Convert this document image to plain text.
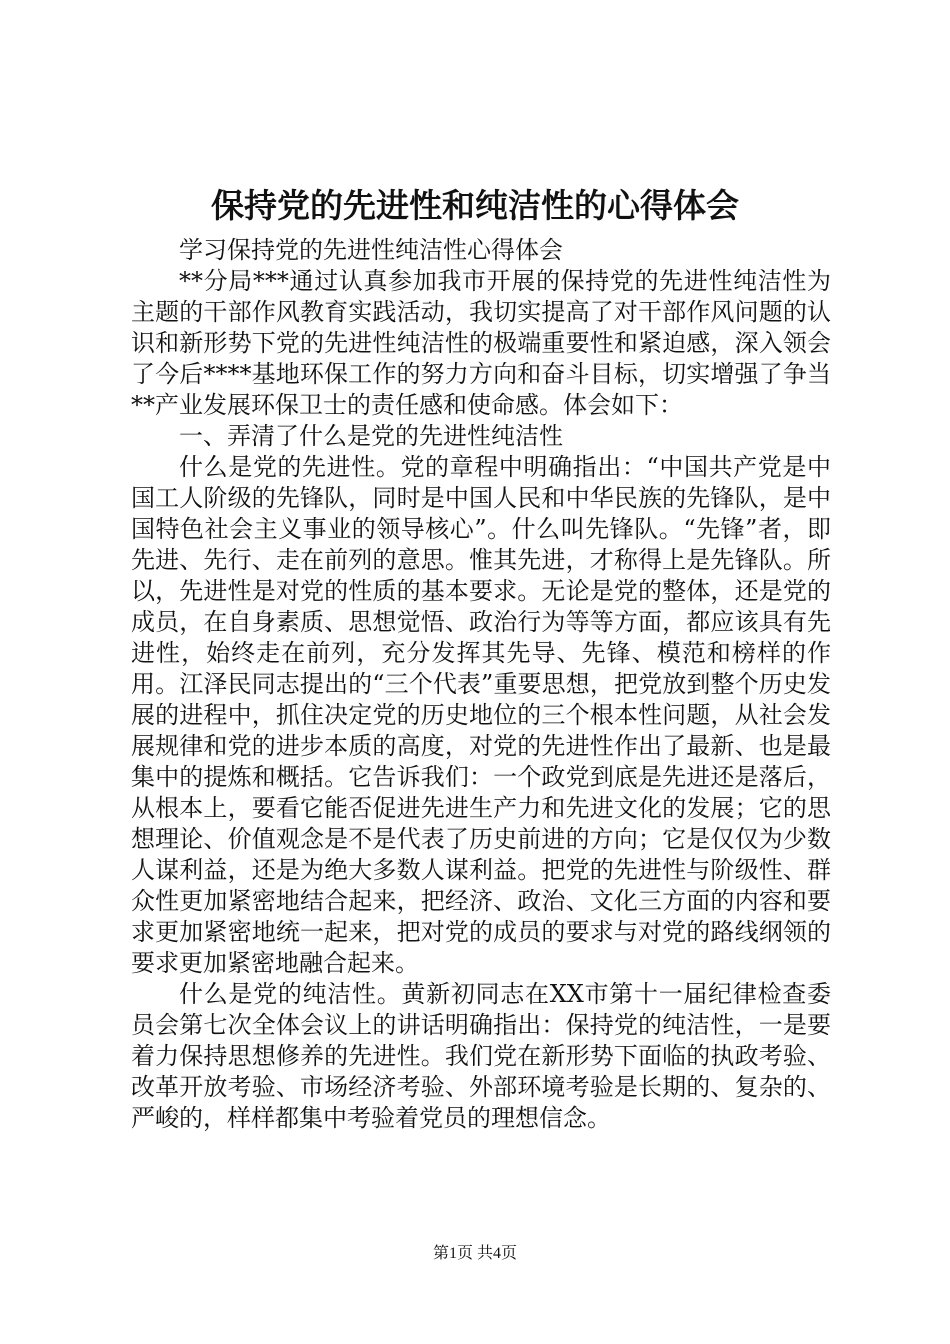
保持党的先进性和纯洁性的心得体会

学习保持党的先进性纯洁性心得体会

**分局***通过认真参加我市开展的保持党的先进性纯洁性为主题的干部作风教育实践活动，我切实提高了对干部作风问题的认识和新形势下党的先进性纯洁性的极端重要性和紧迫感，深入领会了今后****基地环保工作的努力方向和奋斗目标，切实增强了争当**产业发展环保卫士的责任感和使命感。体会如下：

一、弄清了什么是党的先进性纯洁性

什么是党的先进性。党的章程中明确指出：“中国共产党是中国工人阶级的先锋队，同时是中国人民和中华民族的先锋队，是中国特色社会主义事业的领导核心”。什么叫先锋队。“先锋”者，即先进、先行、走在前列的意思。惟其先进，才称得上是先锋队。所以，先进性是对党的性质的基本要求。无论是党的整体，还是党的成员，在自身素质、思想觉悟、政治行为等等方面，都应该具有先进性，始终走在前列，充分发挥其先导、先锋、模范和榜样的作用。江泽民同志提出的“三个代表”重要思想，把党放到整个历史发展的进程中，抓住决定党的历史地位的三个根本性问题，从社会发展规律和党的进步本质的高度，对党的先进性作出了最新、也是最集中的提炼和概括。它告诉我们：一个政党到底是先进还是落后，从根本上，要看它能否促进先进生产力和先进文化的发展；它的思想理论、价值观念是不是代表了历史前进的方向；它是仅仅为少数人谋利益，还是为绝大多数人谋利益。把党的先进性与阶级性、群众性更加紧密地结合起来，把经济、政治、文化三方面的内容和要求更加紧密地统一起来，把对党的成员的要求与对党的路线纲领的要求更加紧密地融合起来。

什么是党的纯洁性。黄新初同志在XX市第十一届纪律检查委员会第七次全体会议上的讲话明确指出：保持党的纯洁性，一是要着力保持思想修养的先进性。我们党在新形势下面临的执政考验、改革开放考验、市场经济考验、外部环境考验是长期的、复杂的、严峻的，样样都集中考验着党员的理想信念。

第1页 共4页
